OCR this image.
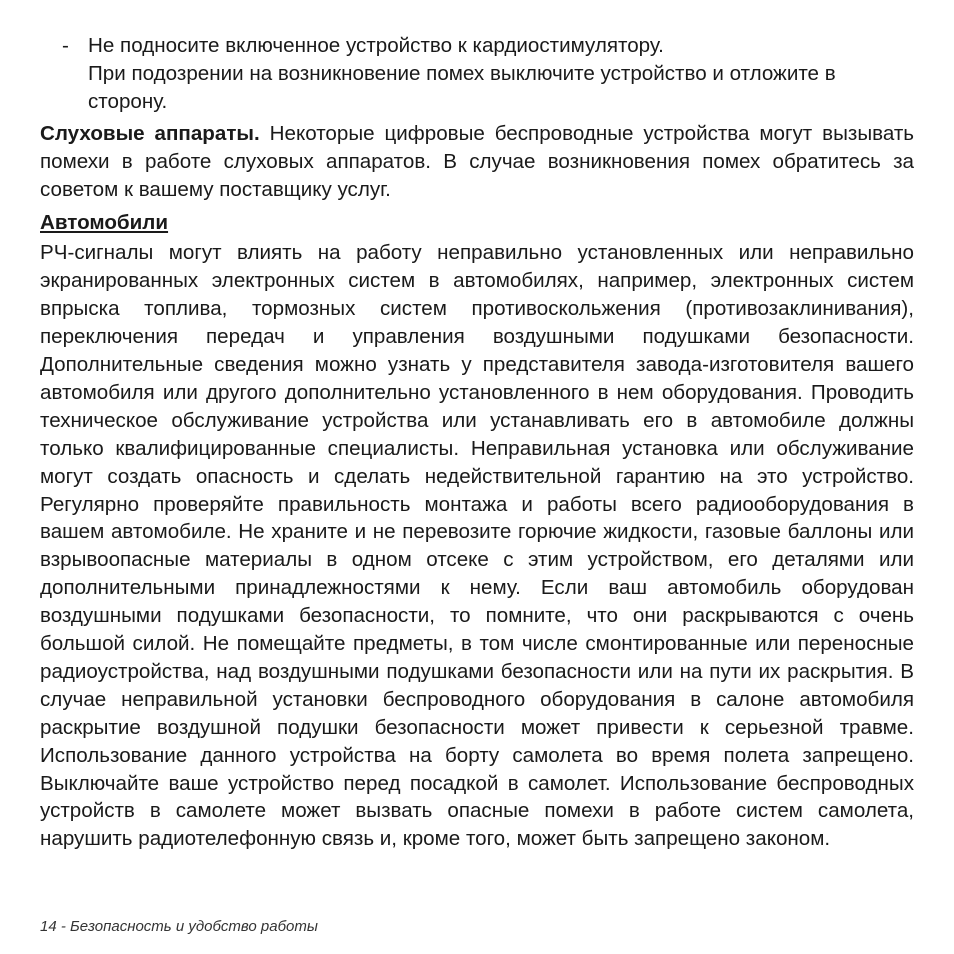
- Не подносите включенное устройство к кардиостимулятору.
При подозрении на возникновение помех выключите устройство и отложите в сторону.
Слуховые аппараты. Некоторые цифровые беспроводные устройства могут вызывать помехи в работе слуховых аппаратов. В случае возникновения помех обратитесь за советом к вашему поставщику услуг.
Автомобили
РЧ-сигналы могут влиять на работу неправильно установленных или неправильно экранированных электронных систем в автомобилях, например, электронных систем впрыска топлива, тормозных систем противоскольжения (противозаклинивания), переключения передач и управления воздушными подушками безопасности. Дополнительные сведения можно узнать у представителя завода-изготовителя вашего автомобиля или другого дополнительно установленного в нем оборудования. Проводить техническое обслуживание устройства или устанавливать его в автомобиле должны только квалифицированные специалисты. Неправильная установка или обслуживание могут создать опасность и сделать недействительной гарантию на это устройство. Регулярно проверяйте правильность монтажа и работы всего радиооборудования в вашем автомобиле. Не храните и не перевозите горючие жидкости, газовые баллоны или взрывоопасные материалы в одном отсеке с этим устройством, его деталями или дополнительными принадлежностями к нему. Если ваш автомобиль оборудован воздушными подушками безопасности, то помните, что они раскрываются с очень большой силой. Не помещайте предметы, в том числе смонтированные или переносные радиоустройства, над воздушными подушками безопасности или на пути их раскрытия. В случае неправильной установки беспроводного оборудования в салоне автомобиля раскрытие воздушной подушки безопасности может привести к серьезной травме. Использование данного устройства на борту самолета во время полета запрещено. Выключайте ваше устройство перед посадкой в самолет. Использование беспроводных устройств в самолете может вызвать опасные помехи в работе систем самолета, нарушить радиотелефонную связь и, кроме того, может быть запрещено законом.
14 - Безопасность и удобство работы
